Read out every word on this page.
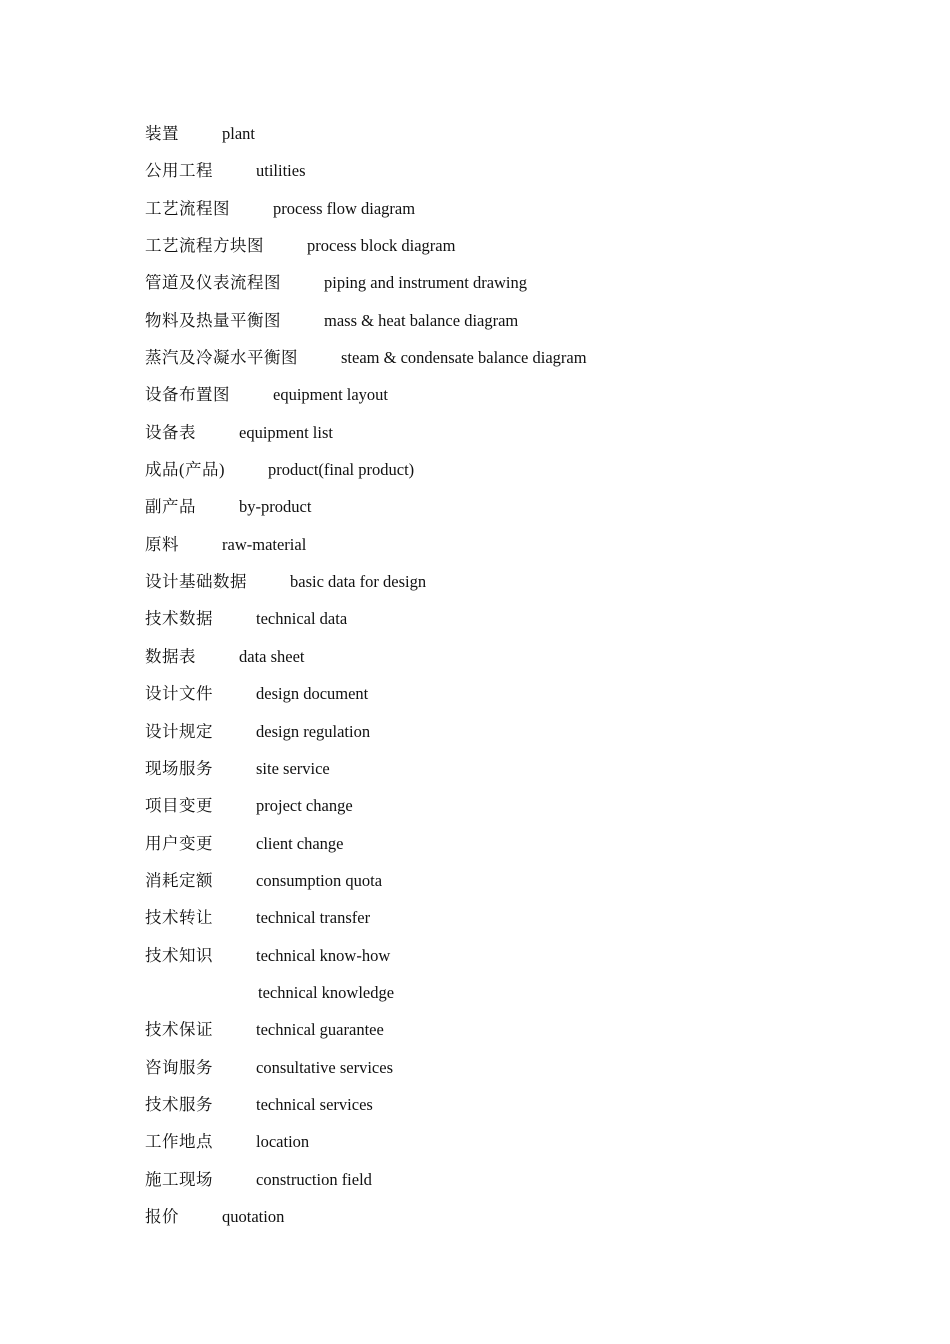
装置	plant
公用工程	utilities
工艺流程图	process flow diagram
工艺流程方块图	process block diagram
管道及仪表流程图	piping and instrument drawing
物料及热量平衡图	mass & heat balance diagram
蒸汽及冷凝水平衡图	steam & condensate balance diagram
设备布置图	equipment layout
设备表	equipment list
成品(产品)	product(final product)
副产品	by-product
原料	raw-material
设计基础数据	basic data for design
技术数据	technical data
数据表	data sheet
设计文件	design document
设计规定	design regulation
现场服务	site service
项目变更	project change
用户变更	client change
消耗定额	consumption quota
技术转让	technical transfer
技术知识	technical know-how
technical knowledge
技术保证	technical guarantee
咨询服务	consultative services
技术服务	technical services
工作地点	location
施工现场	construction field
报价	quotation
